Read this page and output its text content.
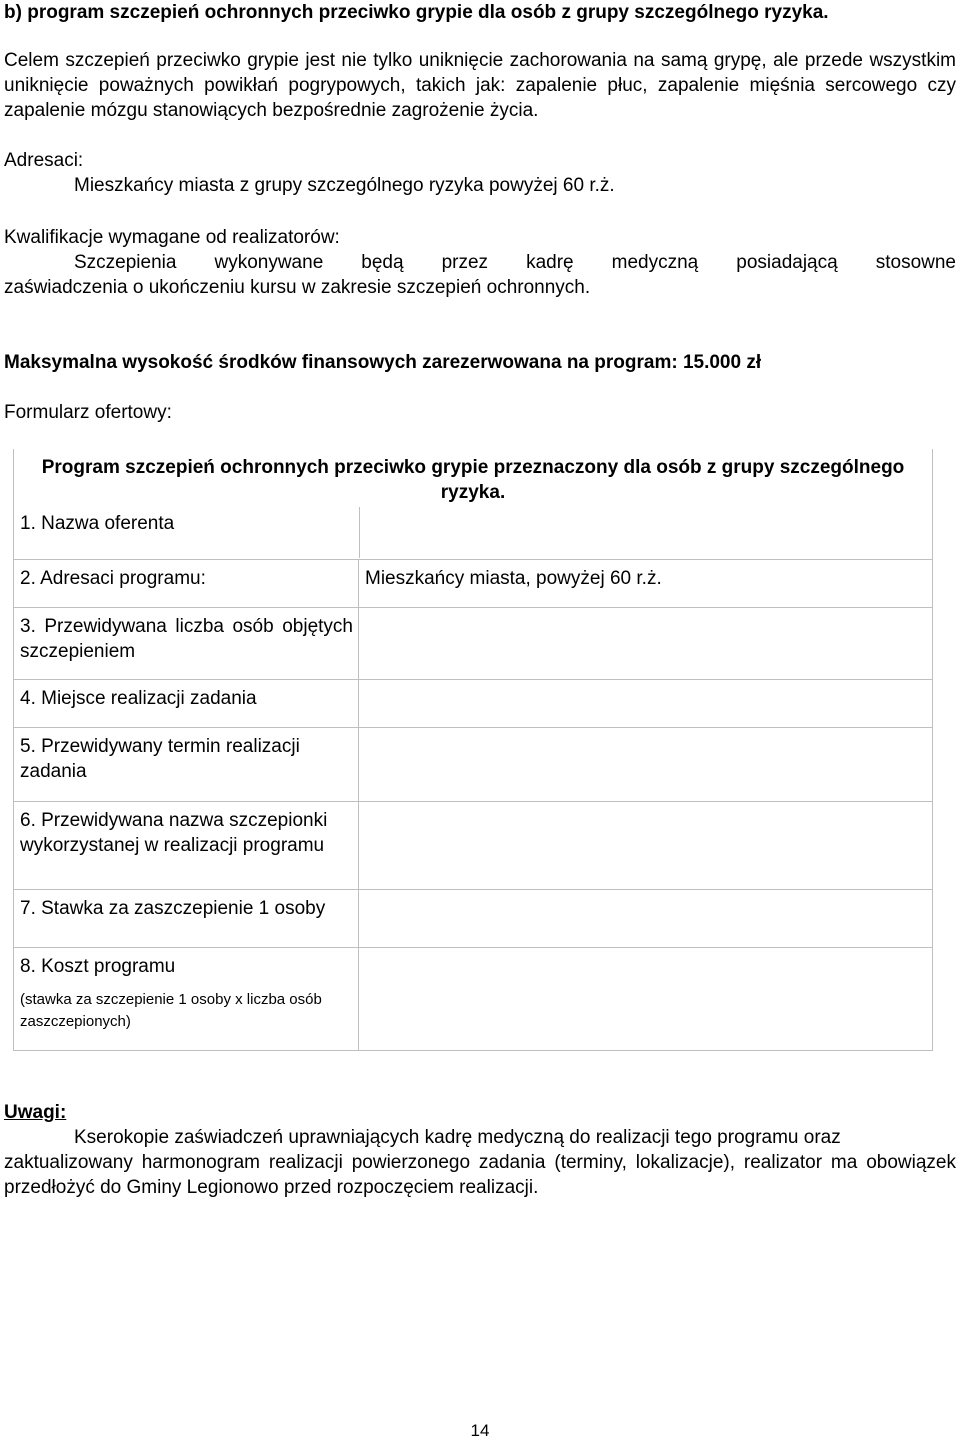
b) program szczepień ochronnych przeciwko grypie dla osób z grupy szczególnego ryzyka.
Celem szczepień przeciwko grypie jest nie tylko uniknięcie zachorowania na samą grypę, ale przede wszystkim uniknięcie poważnych powikłań pogrypowych, takich jak: zapalenie płuc, zapalenie mięśnia sercowego czy zapalenie mózgu stanowiących bezpośrednie zagrożenie życia.
Adresaci:
Mieszkańcy miasta z grupy szczególnego ryzyka powyżej 60 r.ż.
Kwalifikacje wymagane od realizatorów:
Szczepienia wykonywane będą przez kadrę medyczną posiadającą stosowne
zaświadczenia o ukończeniu kursu w zakresie szczepień ochronnych.
Maksymalna wysokość środków finansowych zarezerwowana na program: 15.000 zł
Formularz ofertowy:
Program szczepień ochronnych przeciwko grypie przeznaczony dla osób z grupy szczególnego ryzyka.
1. Nazwa oferenta	

2. Adresaci programu:	Mieszkańcy miasta, powyżej 60 r.ż.
3. Przewidywana liczba osób objętych szczepieniem	
4. Miejsce realizacji zadania	
5. Przewidywany termin realizacji zadania	
6. Przewidywana nazwa szczepionki wykorzystanej w realizacji programu	
7. Stawka za zaszczepienie 1 osoby	

8. Koszt programu
(stawka za szczepienie 1 osoby x liczba osób zaszczepionych)	

Uwagi:
Kserokopie zaświadczeń uprawniających kadrę medyczną do realizacji tego programu oraz
zaktualizowany harmonogram realizacji powierzonego zadania (terminy, lokalizacje), realizator ma obowiązek przedłożyć do Gminy Legionowo przed rozpoczęciem realizacji.
14
